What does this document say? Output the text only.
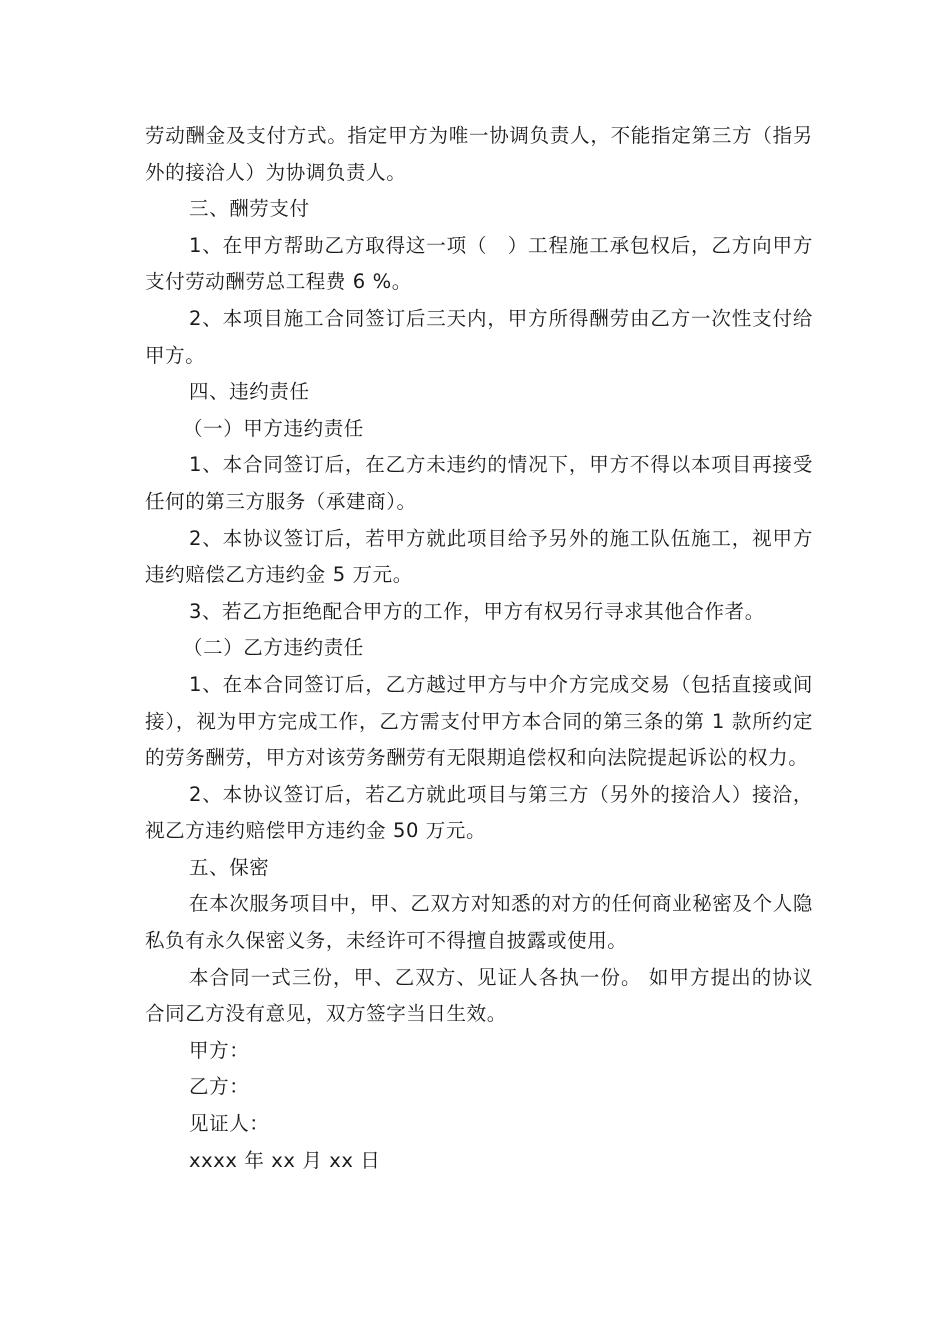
劳动酬金及支付方式。指定甲方为唯一协调负责人，不能指定第三方（指另外的接洽人）为协调负责人。

三、酬劳支付

1、在甲方帮助乙方取得这一项（　）工程施工承包权后，乙方向甲方支付劳动酬劳总工程费 6 %。

2、本项目施工合同签订后三天内，甲方所得酬劳由乙方一次性支付给甲方。

四、违约责任

（一）甲方违约责任

1、本合同签订后，在乙方未违约的情况下，甲方不得以本项目再接受任何的第三方服务（承建商）。

2、本协议签订后，若甲方就此项目给予另外的施工队伍施工，视甲方违约赔偿乙方违约金 5 万元。

3、若乙方拒绝配合甲方的工作，甲方有权另行寻求其他合作者。

（二）乙方违约责任

1、在本合同签订后，乙方越过甲方与中介方完成交易（包括直接或间接），视为甲方完成工作，乙方需支付甲方本合同的第三条的第 1 款所约定的劳务酬劳，甲方对该劳务酬劳有无限期追偿权和向法院提起诉讼的权力。

2、本协议签订后，若乙方就此项目与第三方（另外的接洽人）接洽，视乙方违约赔偿甲方违约金 50 万元。

五、保密

在本次服务项目中，甲、乙双方对知悉的对方的任何商业秘密及个人隐私负有永久保密义务，未经许可不得擅自披露或使用。

本合同一式三份，甲、乙双方、见证人各执一份。 如甲方提出的协议合同乙方没有意见，双方签字当日生效。

甲方：

乙方：

见证人：

xxxx 年 xx 月 xx 日
